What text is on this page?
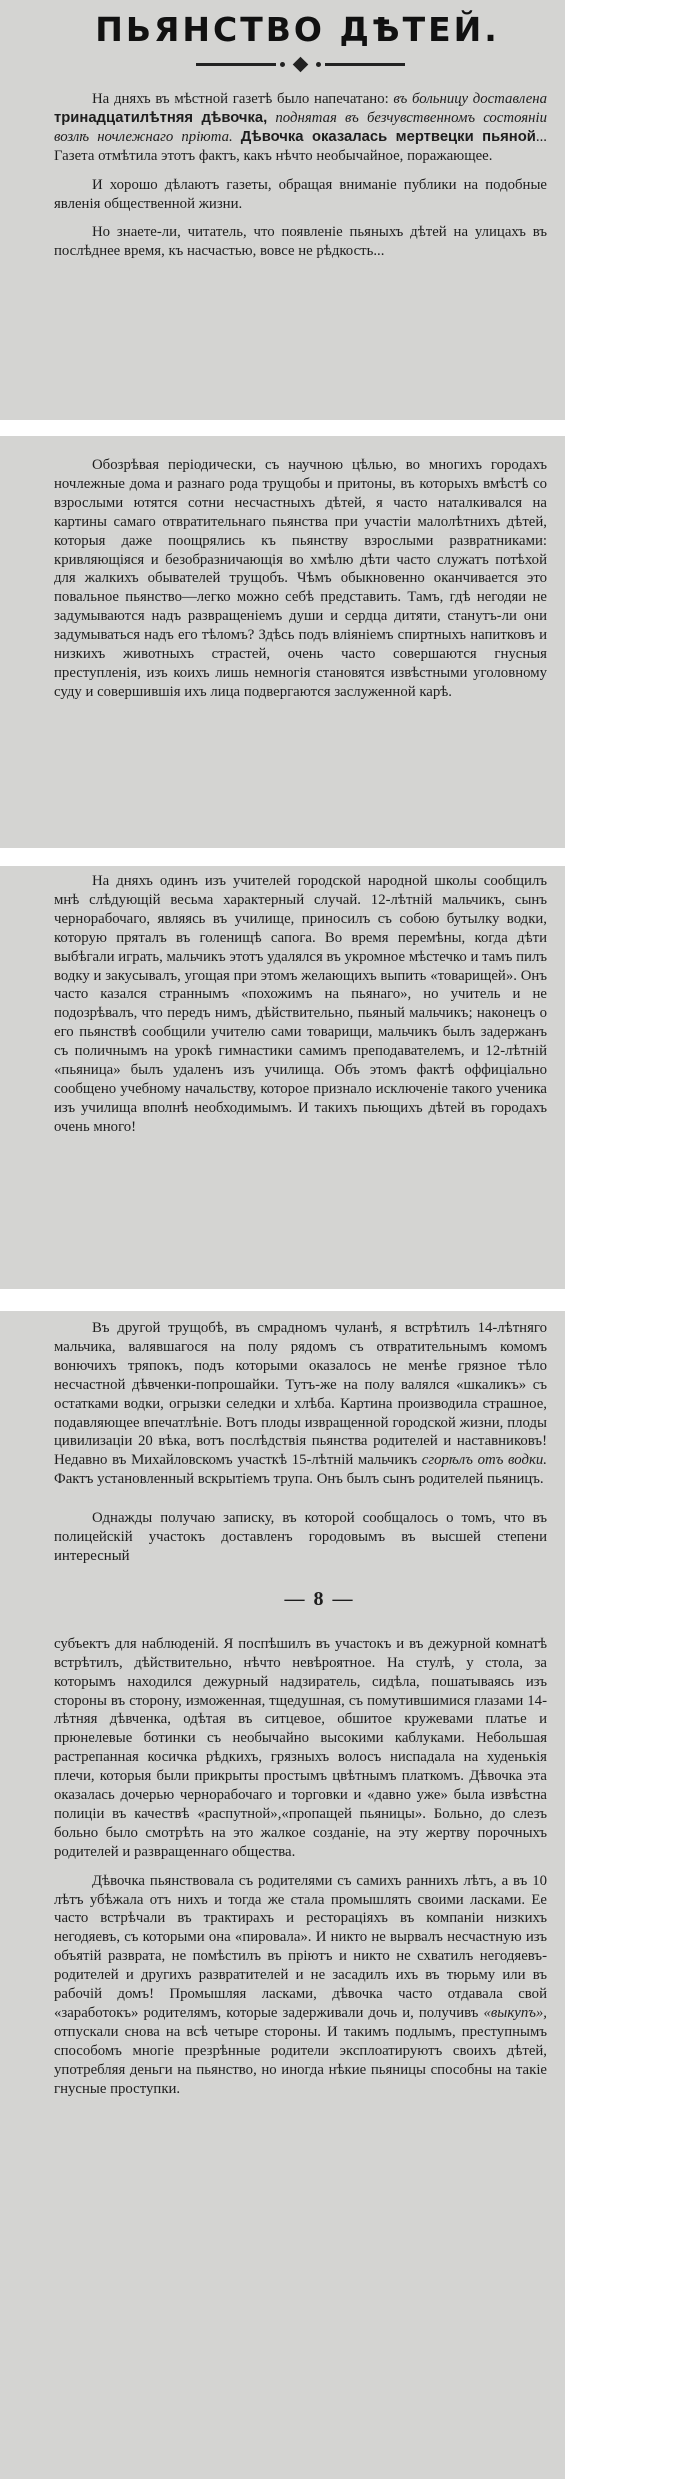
ПЬЯНСТВО ДѢТЕЙ.

На дняхъ въ мѣстной газетѣ было напечатано: въ больницу доставлена тринадцатилѣтняя дѣвочка, поднятая въ безчувственномъ состояніи возлѣ ночлежнаго пріюта. Дѣвочка оказалась мертвецки пьяной... Газета отмѣтила этотъ фактъ, какъ нѣчто необычайное, поражающее.

И хорошо дѣлаютъ газеты, обращая вниманіе публики на подобные явленія общественной жизни.

Но знаете-ли, читатель, что появленіе пьяныхъ дѣтей на улицахъ въ послѣднее время, къ насчастью, вовсе не рѣдкость...

Обозрѣвая періодически, съ научною цѣлью, во многихъ городахъ ночлежные дома и разнаго рода трущобы и притоны, въ которыхъ вмѣстѣ со взрослыми ютятся сотни несчастныхъ дѣтей, я часто наталкивался на картины самаго отвратительнаго пьянства при участіи малолѣтнихъ дѣтей, которыя даже поощрялись къ пьянству взрослыми развратниками: кривляющіяся и безобразничающія во хмѣлю дѣти часто служатъ потѣхой для жалкихъ обывателей трущобъ. Чѣмъ обыкновенно оканчивается это повальное пьянство—легко можно себѣ представить. Тамъ, гдѣ негодяи не задумываются надъ развращеніемъ души и сердца дитяти, станутъ-ли они задумываться надъ его тѣломъ? Здѣсь подъ вліяніемъ спиртныхъ напитковъ и низкихъ животныхъ страстей, очень часто совершаются гнусныя преступленія, изъ коихъ лишь немногія становятся извѣстными уголовному суду и совершившія ихъ лица подвергаются заслуженной карѣ.

На дняхъ одинъ изъ учителей городской народной школы сообщилъ мнѣ слѣдующій весьма характерный случай. 12-лѣтній мальчикъ, сынъ чернорабочаго, являясь въ училище, приносилъ съ собою бутылку водки, которую пряталъ въ голенищѣ сапога. Во время перемѣны, когда дѣти выбѣгали играть, мальчикъ этотъ удалялся въ укромное мѣстечко и тамъ пилъ водку и закусывалъ, угощая при этомъ желающихъ выпить «товарищей». Онъ часто казался страннымъ «похожимъ на пьянаго», но учитель и не подозрѣвалъ, что передъ нимъ, дѣйствительно, пьяный мальчикъ; наконецъ о его пьянствѣ сообщили учителю сами товарищи, мальчикъ былъ задержанъ съ поличнымъ на урокѣ гимнастики самимъ преподавателемъ, и 12-лѣтній «пьяница» былъ удаленъ изъ училища. Объ этомъ фактѣ оффиціально сообщено учебному начальству, которое признало исключеніе такого ученика изъ училища вполнѣ необходимымъ. И такихъ пьющихъ дѣтей въ городахъ очень много!

Въ другой трущобѣ, въ смрадномъ чуланѣ, я встрѣтилъ 14-лѣтняго мальчика, валявшагося на полу рядомъ съ отвратительнымъ комомъ вонючихъ тряпокъ, подъ которыми оказалось не менѣе грязное тѣло несчастной дѣвченки-попрошайки. Тутъ-же на полу валялся «шкаликъ» съ остатками водки, огрызки селедки и хлѣба. Картина производила страшное, подавляющее впечатлѣніе. Вотъ плоды извращенной городской жизни, плоды цивилизаціи 20 вѣка, вотъ послѣдствія пьянства родителей и наставниковъ! Недавно въ Михайловскомъ участкѣ 15-лѣтній мальчикъ сгорѣлъ отъ водки. Фактъ установленный вскрытіемъ трупа. Онъ былъ сынъ родителей пьяницъ.

Однажды получаю записку, въ которой сообщалось о томъ, что въ полицейскій участокъ доставленъ городовымъ въ высшей степени интересный

— 8 —

субъектъ для наблюденій. Я поспѣшилъ въ участокъ и въ дежурной комнатѣ встрѣтилъ, дѣйствительно, нѣчто невѣроятное. На стулѣ, у стола, за которымъ находился дежурный надзиратель, сидѣла, пошатываясь изъ стороны въ сторону, изможенная, тщедушная, съ помутившимися глазами 14-лѣтняя дѣвченка, одѣтая въ ситцевое, обшитое кружевами платье и прюнелевые ботинки съ необычайно высокими каблуками. Небольшая растрепанная косичка рѣдкихъ, грязныхъ волосъ ниспадала на худенькія плечи, которыя были прикрыты простымъ цвѣтнымъ платкомъ. Дѣвочка эта оказалась дочерью чернорабочаго и торговки и «давно уже» была извѣстна полиціи въ качествѣ «распутной»,«пропащей пьяницы». Больно, до слезъ больно было смотрѣть на это жалкое созданіе, на эту жертву порочныхъ родителей и развращеннаго общества.

Дѣвочка пьянствовала съ родителями съ самихъ раннихъ лѣтъ, а въ 10 лѣтъ убѣжала отъ нихъ и тогда же стала промышлять своими ласками. Ее часто встрѣчали въ трактирахъ и ресторацiяхъ въ компаніи низкихъ негодяевъ, съ которыми она «пировала». И никто не вырвалъ несчастную изъ объятій разврата, не помѣстилъ въ пріютъ и никто не схватилъ негодяевъ-родителей и другихъ развратителей и не засадилъ ихъ въ тюрьму или въ рабочій домъ! Промышляя ласками, дѣвочка часто отдавала свой «заработокъ» родителямъ, которые задерживали дочь и, получивъ «выкупъ», отпускали снова на всѣ четыре стороны. И такимъ подлымъ, преступнымъ способомъ многіе презрѣнные родители эксплоатируютъ своихъ дѣтей, употребляя деньги на пьянство, но иногда нѣкие пьяницы способны на такіе гнусные проступки.
